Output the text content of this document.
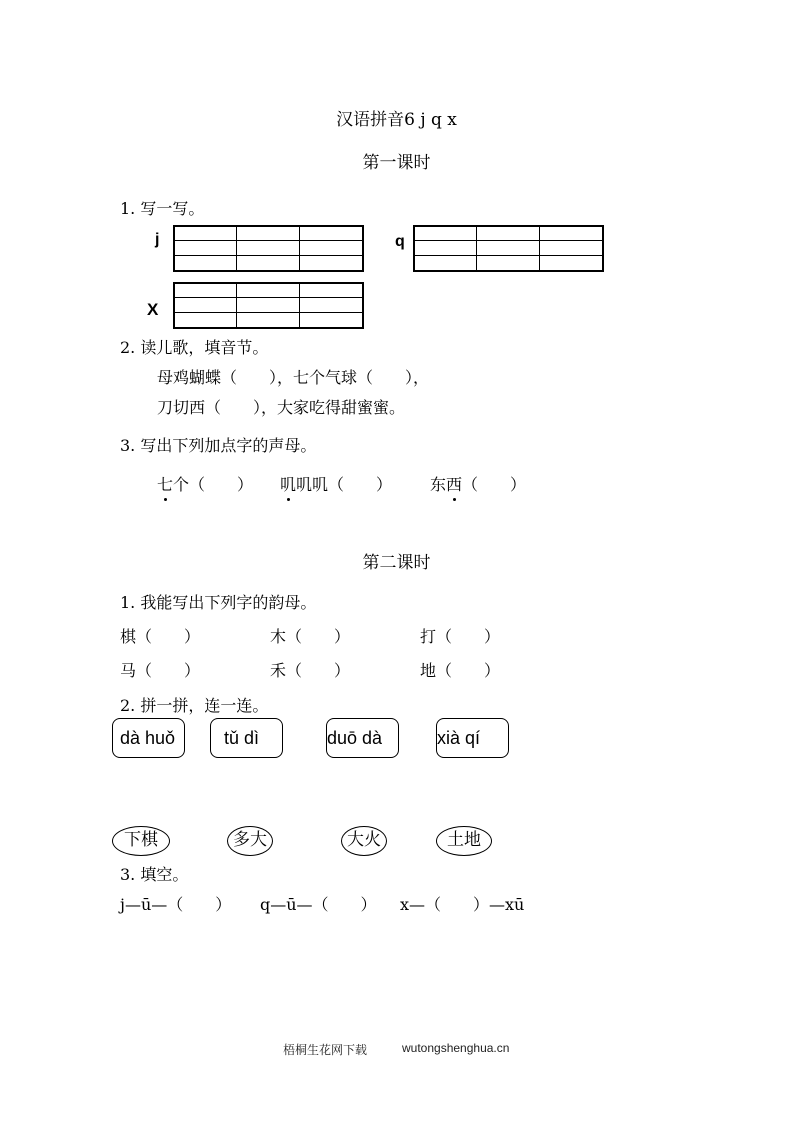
汉语拼音6 j q x
第一课时
1. 写一写。
j	q
X
2. 读儿歌，填音节。
母鸡蝴蝶（　　），七个气球（　　），
刀切西（　　），大家吃得甜蜜蜜。
3. 写出下列加点字的声母。
七个（　　） 叽叽叽（　　） 东西（　　）
第二课时
1. 我能写出下列字的韵母。
棋（　　）	木（　　）	打（　　）
马（　　）	禾（　　）	地（　　）
2. 拼一拼，连一连。
dà huǒ	tǔ dì	duō dà	xià qí
下棋	多大	大火	土地
3. 填空。
j—ū—（　　） q—ū—（　　） x—（　　）—xū
梧桐生花网下载	wutongshenghua.cn
